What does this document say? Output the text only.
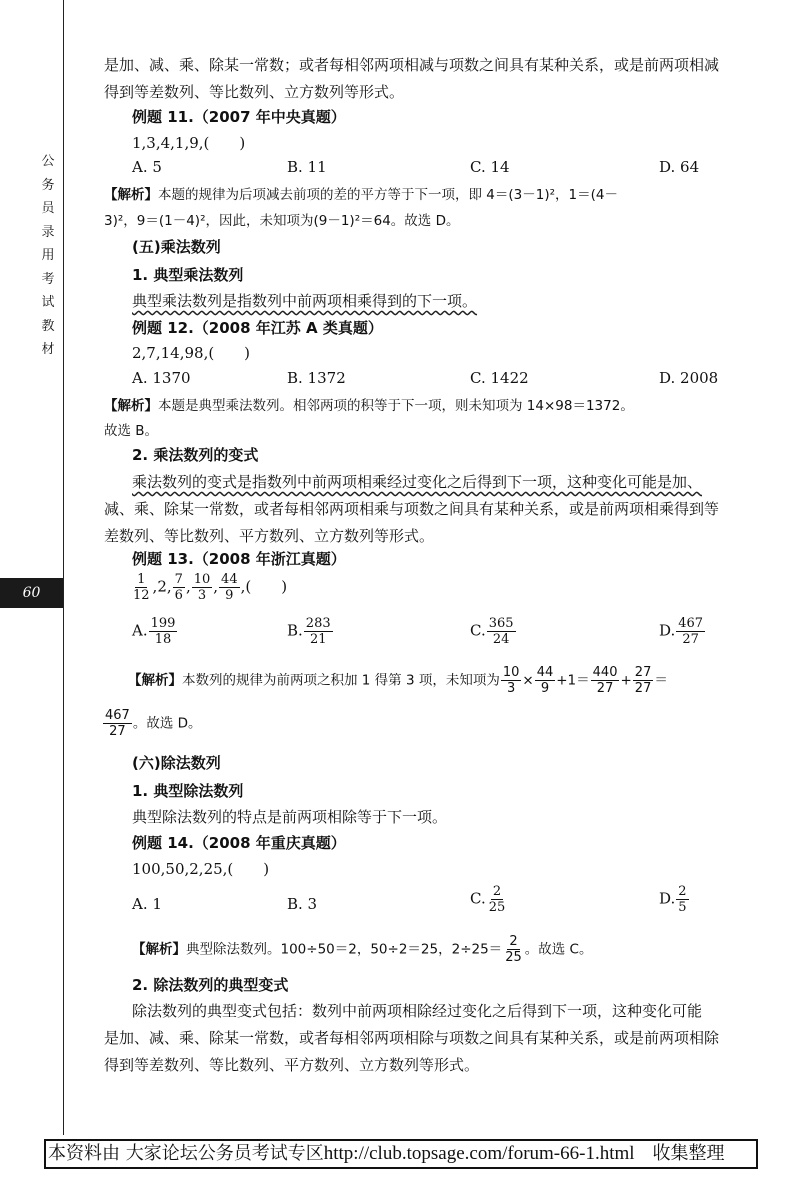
公
务
员
录
用
考
试
教
材
60
是加、减、乘、除某一常数；或者每相邻两项相减与项数之间具有某种关系，或是前两项相减
得到等差数列、等比数列、立方数列等形式。
例题 11.（2007 年中央真题）
1,3,4,1,9,(　　)
A. 5	B. 11	C. 14	D. 64
【解析】本题的规律为后项减去前项的差的平方等于下一项，即 4＝(3－1)²，1＝(4－
3)²，9＝(1－4)²，因此，未知项为(9－1)²＝64。故选 D。
(五)乘法数列
1. 典型乘法数列
典型乘法数列是指数列中前两项相乘得到的下一项。
例题 12.（2008 年江苏 A 类真题）
2,7,14,98,(　　)
A. 1370	B. 1372	C. 1422	D. 2008
【解析】本题是典型乘法数列。相邻两项的积等于下一项，则未知项为 14×98＝1372。
故选 B。
2. 乘法数列的变式
乘法数列的变式是指数列中前两项相乘经过变化之后得到下一项，这种变化可能是加、
减、乘、除某一常数，或者每相邻两项相乘与项数之间具有某种关系，或是前两项相乘得到等
差数列、等比数列、平方数列、立方数列等形式。
例题 13.（2008 年浙江真题）
$\frac{1}{12} ,2$, $\frac{7}{6}$ , $\frac{10}{3}$ , $\frac{44}{9}$ ,(　　)
A. $\frac{199}{18}$	B. $\frac{283}{21}$	C. $\frac{365}{24}$	D. $\frac{467}{27}$
【解析】本数列的规律为前两项之积加 1 得第 3 项，未知项为 $\frac{10}{3} \times \frac{44}{9} +1= \frac{440}{27} + \frac{27}{27}$ ＝
$\frac{467}{27}$ 。故选 D。
(六)除法数列
1. 典型除法数列
典型除法数列的特点是前两项相除等于下一项。
例题 14.（2008 年重庆真题）
100,50,2,25,(　　)
A. 1	B. 3	C. $\frac{2}{25}$	D. $\frac{2}{5}$
【解析】典型除法数列。100÷50＝2，50÷2＝25，$2\div 25= \frac{2}{25}$ 。故选 C。
2. 除法数列的典型变式
除法数列的典型变式包括：数列中前两项相除经过变化之后得到下一项，这种变化可能
是加、减、乘、除某一常数，或者每相邻两项相除与项数之间具有某种关系，或是前两项相除
得到等差数列、等比数列、平方数列、立方数列等形式。
本资料由 大家论坛公务员考试专区http://club.topsage.com/forum-66-1.html 收集整理
